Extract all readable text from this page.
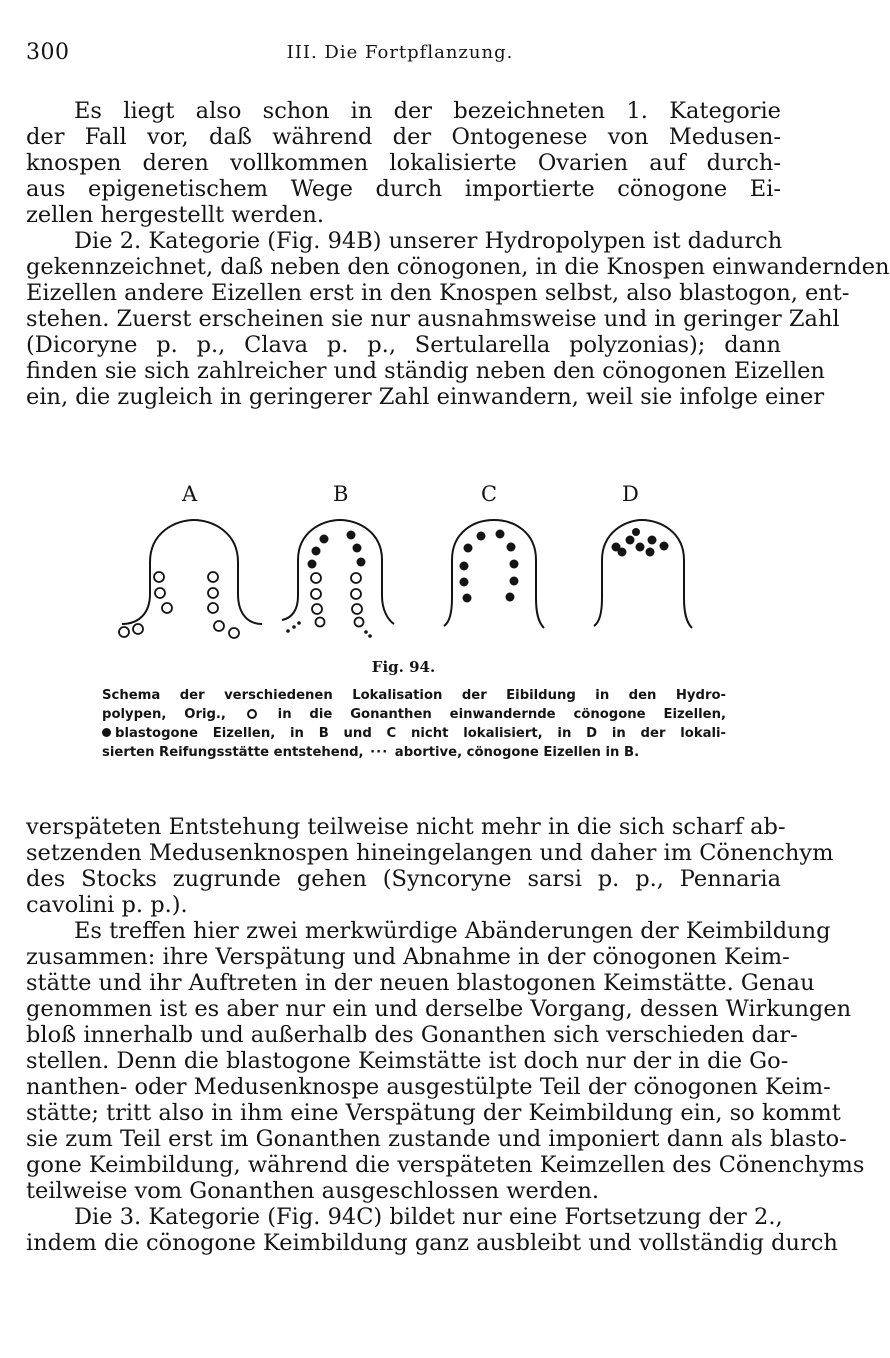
300	III. Die Fortpflanzung.

Es liegt also schon in der bezeichneten 1. Kategorie
der Fall vor, daß während der Ontogenese von Medusen-
knospen deren vollkommen lokalisierte Ovarien auf durch-
aus epigenetischem Wege durch importierte cönogone Ei-
zellen hergestellt werden.

Die 2. Kategorie (Fig. 94B) unserer Hydropolypen ist dadurch
gekennzeichnet, daß neben den cönogonen, in die Knospen einwandernden
Eizellen andere Eizellen erst in den Knospen selbst, also blastogon, ent-
stehen. Zuerst erscheinen sie nur ausnahmsweise und in geringer Zahl
(Dicoryne p. p., Clava p. p., Sertularella polyzonias); dann
finden sie sich zahlreicher und ständig neben den cönogonen Eizellen
ein, die zugleich in geringerer Zahl einwandern, weil sie infolge einer

A	B	C	D
Fig. 94.
Schema der verschiedenen Lokalisation der Eibildung in den Hydro-
polypen, Orig.,	in die Gonanthen einwandernde cönogone Eizellen,
blastogone Eizellen, in B und C nicht lokalisiert, in D in der lokali-
sierten Reifungsstätte entstehend, ··· abortive, cönogone Eizellen in B.

verspäteten Entstehung teilweise nicht mehr in die sich scharf ab-
setzenden Medusenknospen hineingelangen und daher im Cönenchym
des Stocks zugrunde gehen (Syncoryne sarsi p. p., Pennaria
cavolini p. p.).

Es treffen hier zwei merkwürdige Abänderungen der Keimbildung
zusammen: ihre Verspätung und Abnahme in der cönogonen Keim-
stätte und ihr Auftreten in der neuen blastogonen Keimstätte. Genau
genommen ist es aber nur ein und derselbe Vorgang, dessen Wirkungen
bloß innerhalb und außerhalb des Gonanthen sich verschieden dar-
stellen. Denn die blastogone Keimstätte ist doch nur der in die Go-
nanthen- oder Medusenknospe ausgestülpte Teil der cönogonen Keim-
stätte; tritt also in ihm eine Verspätung der Keimbildung ein, so kommt
sie zum Teil erst im Gonanthen zustande und imponiert dann als blasto-
gone Keimbildung, während die verspäteten Keimzellen des Cönenchyms
teilweise vom Gonanthen ausgeschlossen werden.

Die 3. Kategorie (Fig. 94C) bildet nur eine Fortsetzung der 2.,
indem die cönogone Keimbildung ganz ausbleibt und vollständig durch
